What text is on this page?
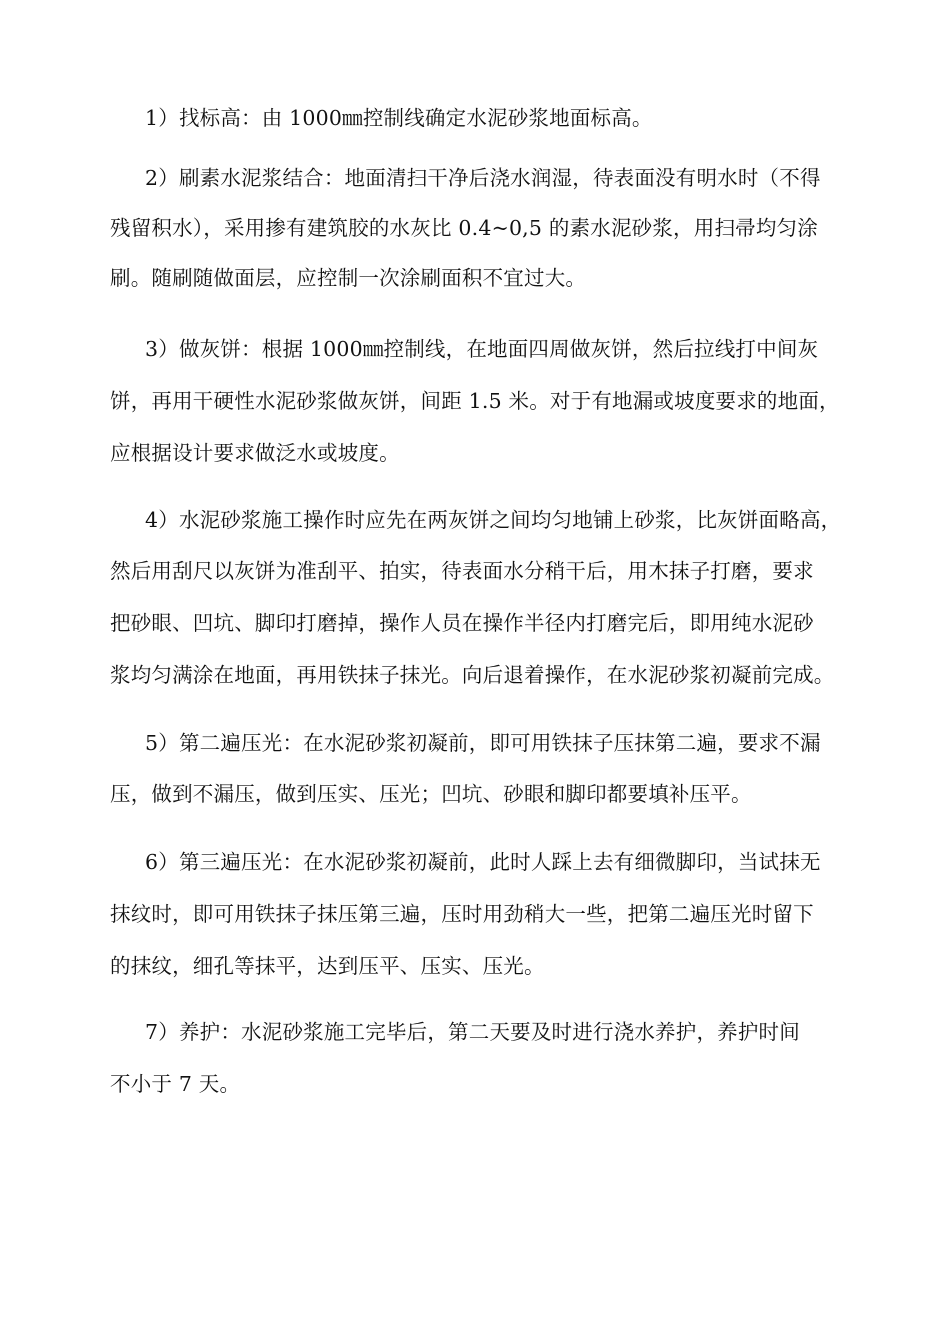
1）找标高：由 1000㎜控制线确定水泥砂浆地面标高。
2）刷素水泥浆结合：地面清扫干净后浇水润湿，待表面没有明水时（不得
残留积水），采用掺有建筑胶的水灰比 0.4~0,5 的素水泥砂浆，用扫帚均匀涂
刷。随刷随做面层，应控制一次涂刷面积不宜过大。
3）做灰饼：根据 1000㎜控制线，在地面四周做灰饼，然后拉线打中间灰
饼，再用干硬性水泥砂浆做灰饼，间距 1.5 米。对于有地漏或坡度要求的地面，
应根据设计要求做泛水或坡度。
4）水泥砂浆施工操作时应先在两灰饼之间均匀地铺上砂浆，比灰饼面略高，
然后用刮尺以灰饼为准刮平、拍实，待表面水分稍干后，用木抹子打磨，要求
把砂眼、凹坑、脚印打磨掉，操作人员在操作半径内打磨完后，即用纯水泥砂
浆均匀满涂在地面，再用铁抹子抹光。向后退着操作，在水泥砂浆初凝前完成。
5）第二遍压光：在水泥砂浆初凝前，即可用铁抹子压抹第二遍，要求不漏
压，做到不漏压，做到压实、压光；凹坑、砂眼和脚印都要填补压平。
6）第三遍压光：在水泥砂浆初凝前，此时人踩上去有细微脚印，当试抹无
抹纹时，即可用铁抹子抹压第三遍，压时用劲稍大一些，把第二遍压光时留下
的抹纹，细孔等抹平，达到压平、压实、压光。
7）养护：水泥砂浆施工完毕后，第二天要及时进行浇水养护，养护时间
不小于 7 天。
